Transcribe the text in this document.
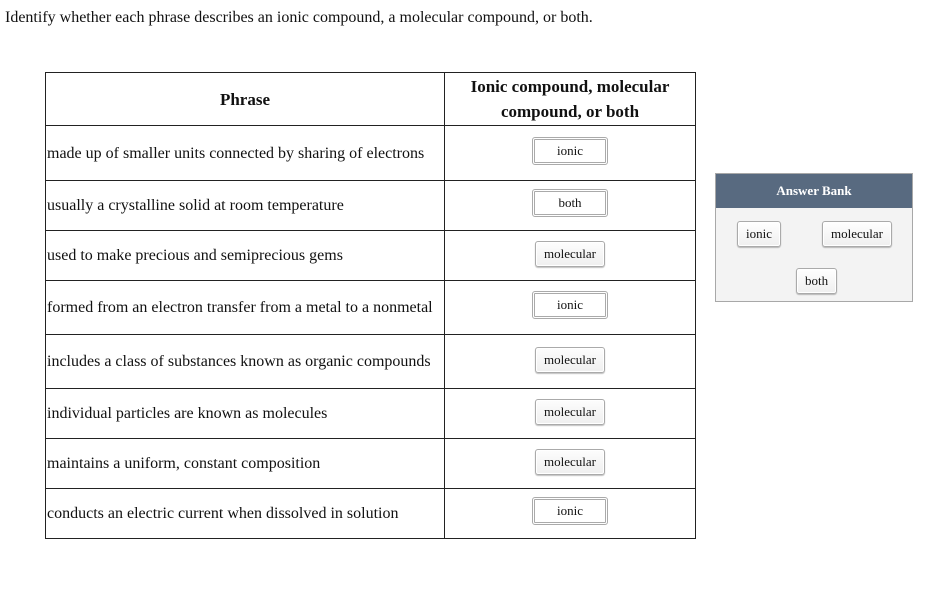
Identify whether each phrase describes an ionic compound, a molecular compound, or both.
Phrase	Ionic compound, molecular compound, or both

made up of smaller units connected by sharing of electrons	ionic
usually a crystalline solid at room temperature	both
used to make precious and semiprecious gems	molecular
formed from an electron transfer from a metal to a nonmetal	ionic
includes a class of substances known as organic compounds	molecular
individual particles are known as molecules	molecular
maintains a uniform, constant composition	molecular
conducts an electric current when dissolved in solution	ionic
Answer Bank
ionic	molecular
both
